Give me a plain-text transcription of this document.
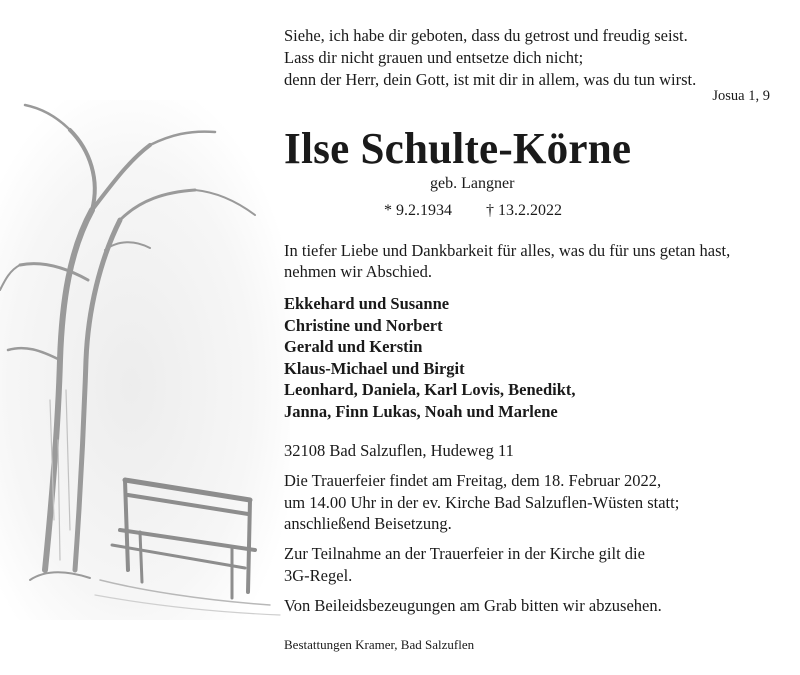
Siehe, ich habe dir geboten, dass du getrost und freudig seist.
Lass dir nicht grauen und entsetze dich nicht;
denn der Herr, dein Gott, ist mit dir in allem, was du tun wirst.
Josua 1, 9
Ilse Schulte-Körne
geb. Langner
* 9.2.1934 † 13.2.2022
In tiefer Liebe und Dankbarkeit für alles, was du für uns getan hast, nehmen wir Abschied.
Ekkehard und Susanne
Christine und Norbert
Gerald und Kerstin
Klaus-Michael und Birgit
Leonhard, Daniela, Karl Lovis, Benedikt,
Janna, Finn Lukas, Noah und Marlene
32108 Bad Salzuflen, Hudeweg 11
Die Trauerfeier findet am Freitag, dem 18. Februar 2022,
um 14.00 Uhr in der ev. Kirche Bad Salzuflen-Wüsten statt;
anschließend Beisetzung.
Zur Teilnahme an der Trauerfeier in der Kirche gilt die
3G-Regel.
Von Beileidsbezeugungen am Grab bitten wir abzusehen.
Bestattungen Kramer, Bad Salzuflen
